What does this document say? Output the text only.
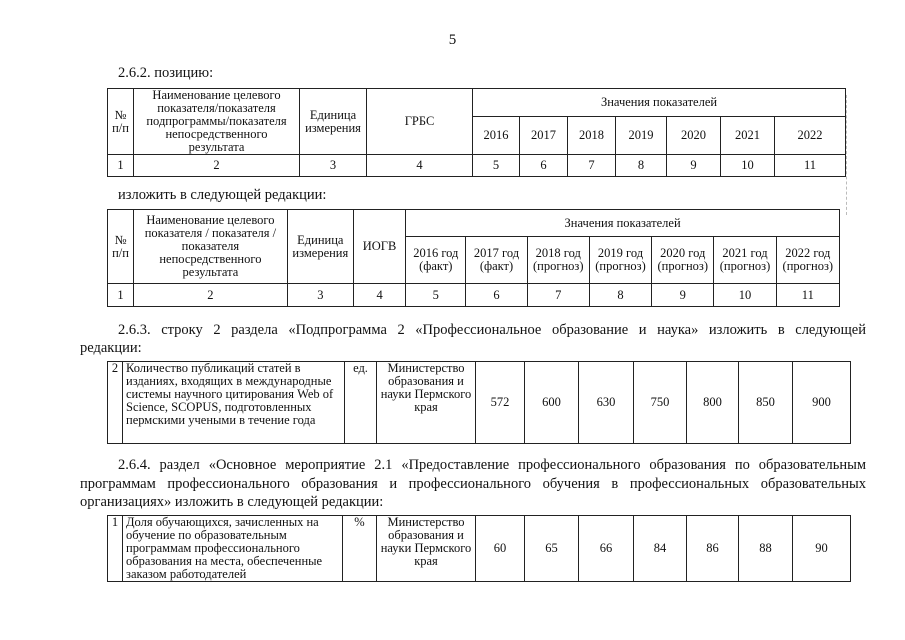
5
2.6.2. позицию:
№ п/п	Наименование целевого показателя/показателя подпрограммы/показателя непосредственного результата	Единица измерения	ГРБС	Значения показателей						
				2016	2017	2018	2019	2020	2021	2022
1	2	3	4	5	6	7	8	9	10	11
изложить в следующей редакции:
№ п/п	Наименование целевого показателя / показателя / показателя непосредственного результата	Единица измерения	ИОГВ	Значения показателей						
				2016 год (факт)	2017 год (факт)	2018 год (прогноз)	2019 год (прогноз)	2020 год (прогноз)	2021 год (прогноз)	2022 год (прогноз)
1	2	3	4	5	6	7	8	9	10	11
2.6.3. строку 2 раздела «Подпрограмма 2 «Профессиональное образование и наука» изложить в следующей
редакции:
2	Количество публикаций статей в изданиях, входящих в международные системы научного цитирования Web of Science, SCOPUS, подготовленных пермскими учеными в течение года	ед.	Министерство образования и науки Пермского края	572	600	630	750	800	850	900
2.6.4. раздел «Основное мероприятие 2.1 «Предоставление профессионального образования по образовательным
программам профессионального образования и профессионального обучения в профессиональных образовательных
организациях» изложить в следующей редакции:
1	Доля обучающихся, зачисленных на обучение по образовательным программам профессионального образования на места, обеспеченные заказом работодателей	%	Министерство образования и науки Пермского края	60	65	66	84	86	88	90
